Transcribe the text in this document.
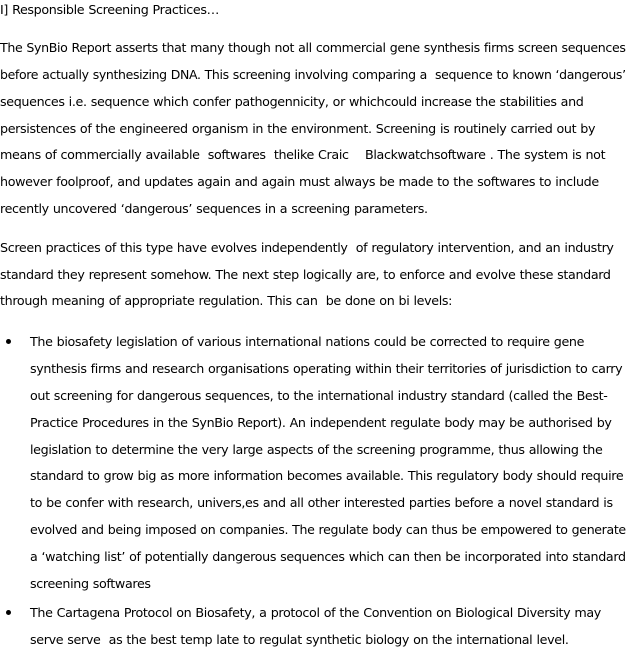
I] Responsible Screening Practices…
The SynBio Report asserts that many though not all commercial gene synthesis firms screen sequences
before actually synthesizing DNA. This screening involving comparing a  sequence to known ‘dangerous’
sequences i.e. sequence which confer pathogennicity, or whichcould increase the stabilities and
persistences of the engineered organism in the environment. Screening is routinely carried out by
means of commercially available  softwares  thelike Craic    Blackwatchsoftware . The system is not
however foolproof, and updates again and again must always be made to the softwares to include
recently uncovered ‘dangerous’ sequences in a screening parameters.
Screen practices of this type have evolves independently  of regulatory intervention, and an industry
standard they represent somehow. The next step logically are, to enforce and evolve these standard
through meaning of appropriate regulation. This can  be done on bi levels:
The biosafety legislation of various international nations could be corrected to require gene
synthesis firms and research organisations operating within their territories of jurisdiction to carry
out screening for dangerous sequences, to the international industry standard (called the Best-
Practice Procedures in the SynBio Report). An independent regulate body may be authorised by
legislation to determine the very large aspects of the screening programme, thus allowing the
standard to grow big as more information becomes available. This regulatory body should require
to be confer with research, univers,es and all other interested parties before a novel standard is
evolved and being imposed on companies. The regulate body can thus be empowered to generate
a ‘watching list’ of potentially dangerous sequences which can then be incorporated into standard
screening softwares
The Cartagena Protocol on Biosafety, a protocol of the Convention on Biological Diversity may
serve serve  as the best temp late to regulat synthetic biology on the international level.
